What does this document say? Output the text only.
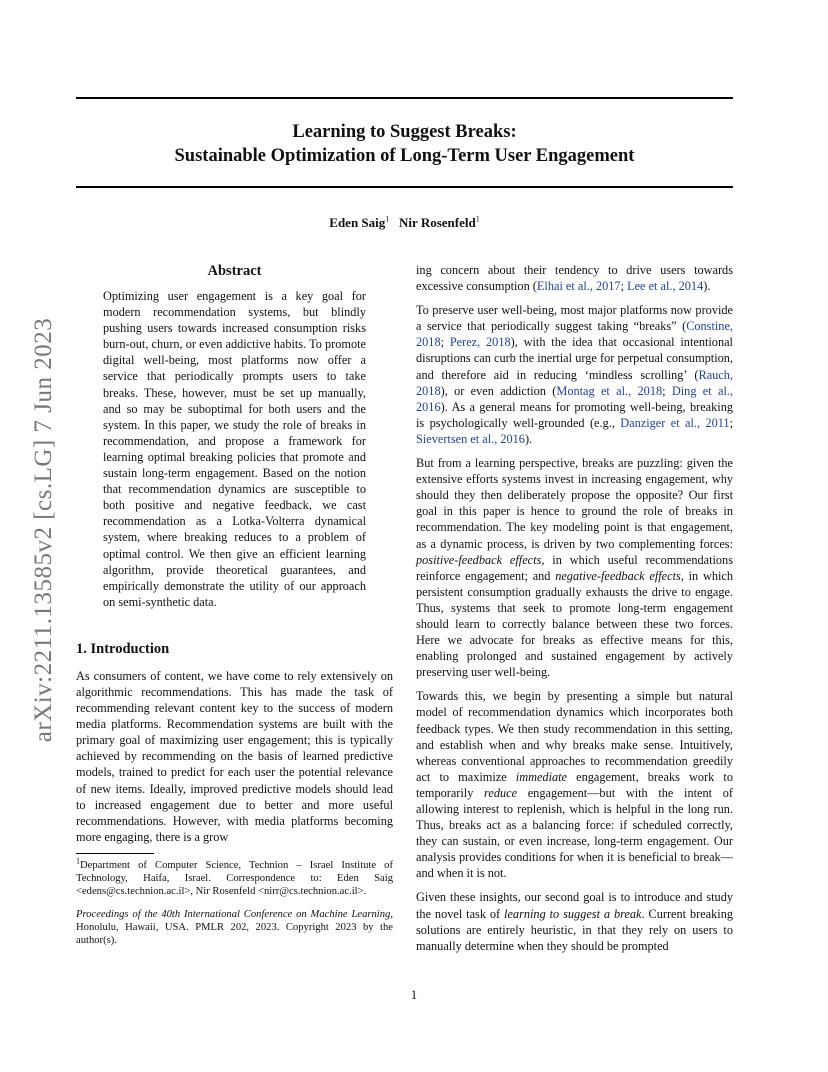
Learning to Suggest Breaks:
Sustainable Optimization of Long-Term User Engagement
Eden Saig$^1$ Nir Rosenfeld$^1$
arXiv:2211.13585v2 [cs.LG] 7 Jun 2023
Abstract
Optimizing user engagement is a key goal for modern recommendation systems, but blindly pushing users towards increased consumption risks burn-out, churn, or even addictive habits. To promote digital well-being, most platforms now offer a service that periodically prompts users to take breaks. These, however, must be set up manually, and so may be suboptimal for both users and the system. In this paper, we study the role of breaks in recommendation, and propose a framework for learning optimal breaking policies that promote and sustain long-term engagement. Based on the notion that recommendation dynamics are susceptible to both positive and negative feedback, we cast recommendation as a Lotka-Volterra dynamical system, where breaking reduces to a problem of optimal control. We then give an efficient learning algorithm, provide theoretical guarantees, and empirically demonstrate the utility of our approach on semi-synthetic data.
1. Introduction

As consumers of content, we have come to rely extensively on algorithmic recommendations. This has made the task of recommending relevant content key to the success of modern media platforms. Recommendation systems are built with the primary goal of maximizing user engagement; this is typically achieved by recommending on the basis of learned predictive models, trained to predict for each user the potential relevance of new items. Ideally, improved predictive models should lead to increased engagement due to better and more useful recommendations. However, with media platforms becoming more engaging, there is a grow

$^1$Department of Computer Science, Technion – Israel Institute of Technology, Haifa, Israel. Correspondence to: Eden Saig <edens@cs.technion.ac.il>, Nir Rosenfeld <nirr@cs.technion.ac.il>.

Proceedings of the 40th International Conference on Machine Learning, Honolulu, Hawaii, USA. PMLR 202, 2023. Copyright 2023 by the author(s).

ing concern about their tendency to drive users towards excessive consumption (Elhai et al., 2017; Lee et al., 2014).

To preserve user well-being, most major platforms now provide a service that periodically suggest taking “breaks” (Constine, 2018; Perez, 2018), with the idea that occasional intentional disruptions can curb the inertial urge for perpetual consumption, and therefore aid in reducing ‘mindless scrolling’ (Rauch, 2018), or even addiction (Montag et al., 2018; Ding et al., 2016). As a general means for promoting well-being, breaking is psychologically well-grounded (e.g., Danziger et al., 2011; Sievertsen et al., 2016).

But from a learning perspective, breaks are puzzling: given the extensive efforts systems invest in increasing engagement, why should they then deliberately propose the opposite? Our first goal in this paper is hence to ground the role of breaks in recommendation. The key modeling point is that engagement, as a dynamic process, is driven by two complementing forces: positive-feedback effects, in which useful recommendations reinforce engagement; and negative-feedback effects, in which persistent consumption gradually exhausts the drive to engage. Thus, systems that seek to promote long-term engagement should learn to correctly balance between these two forces. Here we advocate for breaks as effective means for this, enabling prolonged and sustained engagement by actively preserving user well-being.

Towards this, we begin by presenting a simple but natural model of recommendation dynamics which incorporates both feedback types. We then study recommendation in this setting, and establish when and why breaks make sense. Intuitively, whereas conventional approaches to recommendation greedily act to maximize immediate engagement, breaks work to temporarily reduce engagement—but with the intent of allowing interest to replenish, which is helpful in the long run. Thus, breaks act as a balancing force: if scheduled correctly, they can sustain, or even increase, long-term engagement. Our analysis provides conditions for when it is beneficial to break—and when it is not.

Given these insights, our second goal is to introduce and study the novel task of learning to suggest a break. Current breaking solutions are entirely heuristic, in that they rely on users to manually determine when they should be prompted

1
